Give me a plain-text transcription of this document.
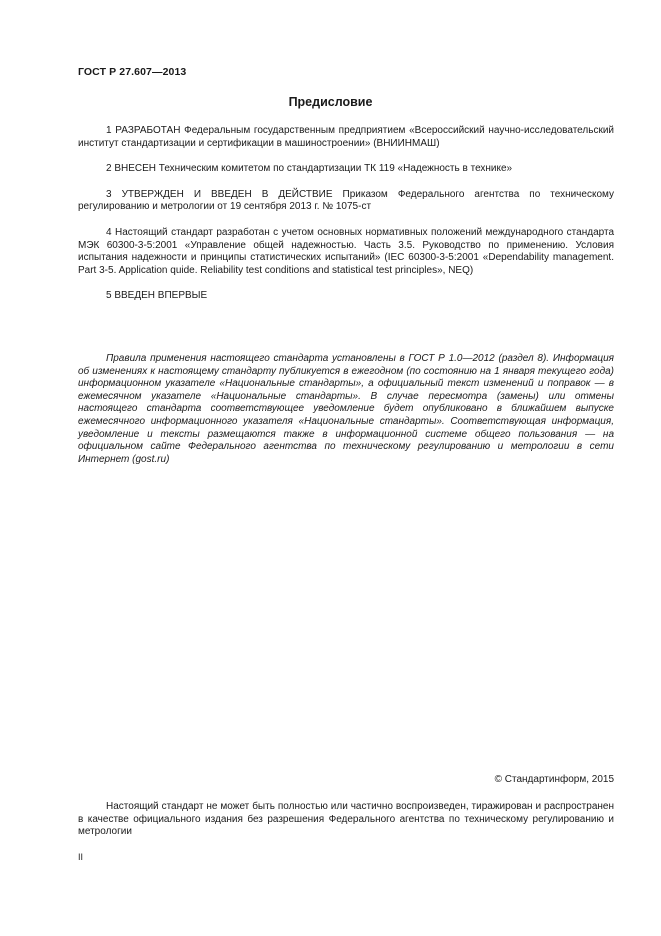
ГОСТ Р 27.607—2013
Предисловие

1 РАЗРАБОТАН Федеральным государственным предприятием «Всероссийский научно-исследовательский институт стандартизации и сертификации в машиностроении» (ВНИИНМАШ)

2 ВНЕСЕН Техническим комитетом по стандартизации ТК 119 «Надежность в технике»

3 УТВЕРЖДЕН И ВВЕДЕН В ДЕЙСТВИЕ Приказом Федерального агентства по техническому регулированию и метрологии от 19 сентября 2013 г. № 1075-ст

4 Настоящий стандарт разработан с учетом основных нормативных положений международного стандарта МЭК 60300-3-5:2001 «Управление общей надежностью. Часть 3.5. Руководство по применению. Условия испытания надежности и принципы статистических испытаний» (IEC 60300-3-5:2001 «Dependability management. Part 3-5. Application quide. Reliability test conditions and statistical test principles», NEQ)

5 ВВЕДЕН ВПЕРВЫЕ

Правила применения настоящего стандарта установлены в ГОСТ Р 1.0—2012 (раздел 8). Информация об изменениях к настоящему стандарту публикуется в ежегодном (по состоянию на 1 января текущего года) информационном указателе «Национальные стандарты», а официальный текст изменений и поправок — в ежемесячном указателе «Национальные стандарты». В случае пересмотра (замены) или отмены настоящего стандарта соответствующее уведомление будет опубликовано в ближайшем выпуске ежемесячного информационного указателя «Национальные стандарты». Соответствующая информация, уведомление и тексты размещаются также в информационной системе общего пользования — на официальном сайте Федерального агентства по техническому регулированию и метрологии в сети Интернет (gost.ru)

© Стандартинформ, 2015

Настоящий стандарт не может быть полностью или частично воспроизведен, тиражирован и распространен в качестве официального издания без разрешения Федерального агентства по техническому регулированию и метрологии

II
